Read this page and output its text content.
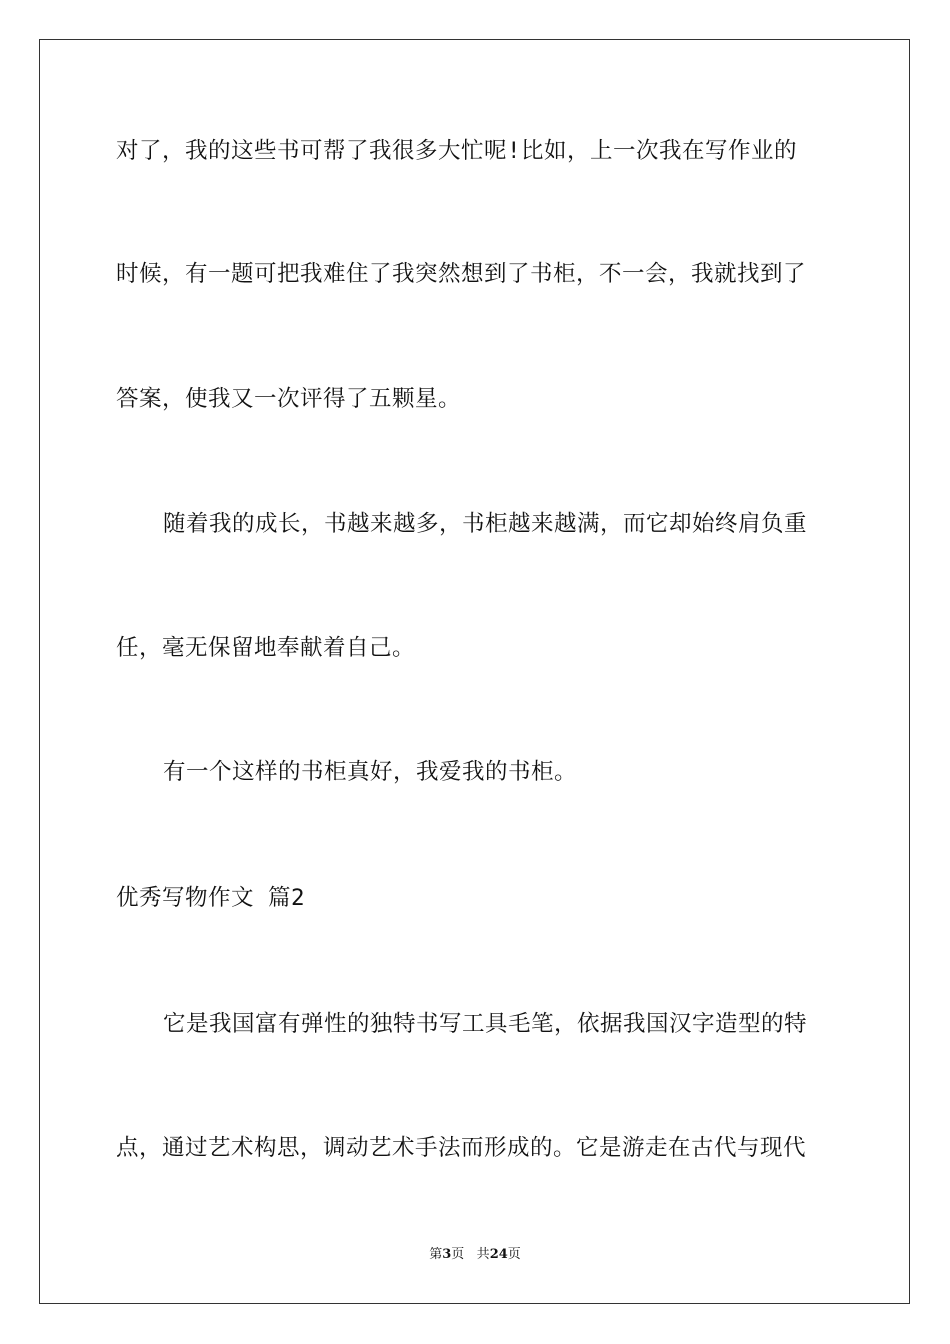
对了，我的这些书可帮了我很多大忙呢!比如，上一次我在写作业的
时候，有一题可把我难住了我突然想到了书柜，不一会，我就找到了
答案，使我又一次评得了五颗星。
随着我的成长，书越来越多，书柜越来越满，而它却始终肩负重
任，毫无保留地奉献着自己。
有一个这样的书柜真好，我爱我的书柜。
优秀写物作文 篇2
它是我国富有弹性的独特书写工具毛笔，依据我国汉字造型的特
点，通过艺术构思，调动艺术手法而形成的。它是游走在古代与现代
第3页 共24页
